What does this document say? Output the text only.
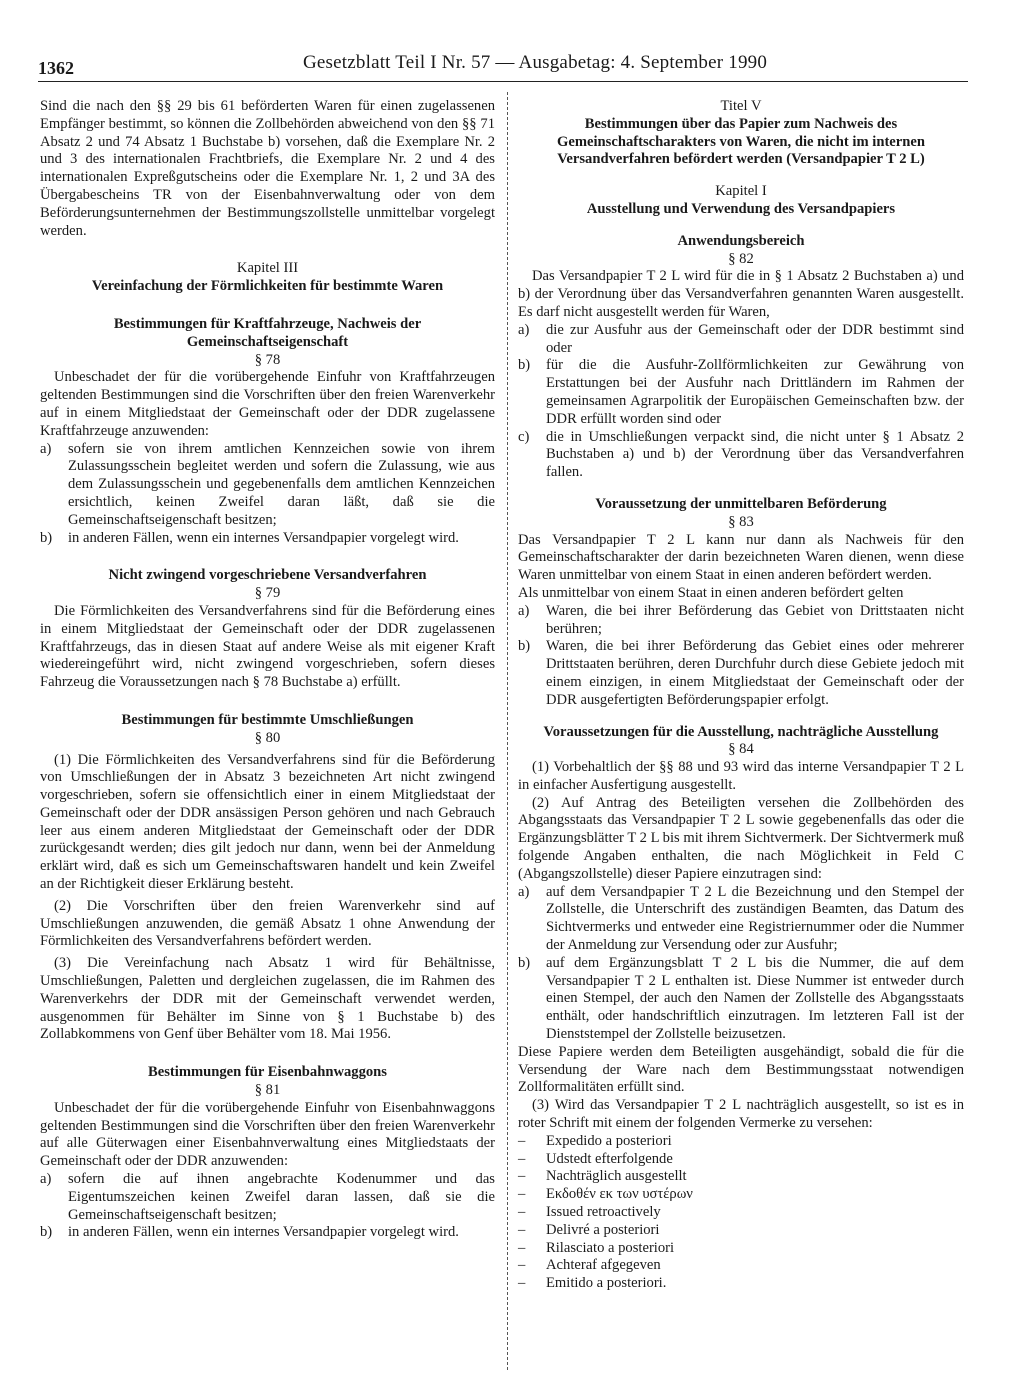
1362	Gesetzblatt Teil I Nr. 57 — Ausgabetag: 4. September 1990

Sind die nach den §§ 29 bis 61 beförderten Waren für einen zugelassenen Empfänger bestimmt, so können die Zollbehörden abweichend von den §§ 71 Absatz 2 und 74 Absatz 1 Buchstabe b) vorsehen, daß die Exemplare Nr. 2 und 3 des internationalen Frachtbriefs, die Exemplare Nr. 2 und 4 des internationalen Expreßgutscheins oder die Exemplare Nr. 1, 2 und 3A des Übergabescheins TR von der Eisenbahnverwaltung oder von dem Beförderungsunternehmen der Bestimmungszollstelle unmittelbar vorgelegt werden.

Kapitel III

Vereinfachung der Förmlichkeiten für bestimmte Waren

Bestimmungen für Kraftfahrzeuge, Nachweis der Gemeinschaftseigenschaft

§ 78

Unbeschadet der für die vorübergehende Einfuhr von Kraftfahrzeugen geltenden Bestimmungen sind die Vorschriften über den freien Warenverkehr auf in einem Mitgliedstaat der Gemeinschaft oder der DDR zugelassene Kraftfahrzeuge anzuwenden:

a) sofern sie von ihrem amtlichen Kennzeichen sowie von ihrem Zulassungsschein begleitet werden und sofern die Zulassung, wie aus dem Zulassungsschein und gegebenenfalls dem amtlichen Kennzeichen ersichtlich, keinen Zweifel daran läßt, daß sie die Gemeinschaftseigenschaft besitzen;
b) in anderen Fällen, wenn ein internes Versandpapier vorgelegt wird.

Nicht zwingend vorgeschriebene Versandverfahren

§ 79

Die Förmlichkeiten des Versandverfahrens sind für die Beförderung eines in einem Mitgliedstaat der Gemeinschaft oder der DDR zugelassenen Kraftfahrzeugs, das in diesen Staat auf andere Weise als mit eigener Kraft wiedereingeführt wird, nicht zwingend vorgeschrieben, sofern dieses Fahrzeug die Voraussetzungen nach § 78 Buchstabe a) erfüllt.

Bestimmungen für bestimmte Umschließungen

§ 80

(1) Die Förmlichkeiten des Versandverfahrens sind für die Beförderung von Umschließungen der in Absatz 3 bezeichneten Art nicht zwingend vorgeschrieben, sofern sie offensichtlich einer in einem Mitgliedstaat der Gemeinschaft oder der DDR ansässigen Person gehören und nach Gebrauch leer aus einem anderen Mitgliedstaat der Gemeinschaft oder der DDR zurückgesandt werden; dies gilt jedoch nur dann, wenn bei der Anmeldung erklärt wird, daß es sich um Gemeinschaftswaren handelt und kein Zweifel an der Richtigkeit dieser Erklärung besteht.

(2) Die Vorschriften über den freien Warenverkehr sind auf Umschließungen anzuwenden, die gemäß Absatz 1 ohne Anwendung der Förmlichkeiten des Versandverfahrens befördert werden.

(3) Die Vereinfachung nach Absatz 1 wird für Behältnisse, Umschließungen, Paletten und dergleichen zugelassen, die im Rahmen des Warenverkehrs der DDR mit der Gemeinschaft verwendet werden, ausgenommen für Behälter im Sinne von § 1 Buchstabe b) des Zollabkommens von Genf über Behälter vom 18. Mai 1956.

Bestimmungen für Eisenbahnwaggons

§ 81

Unbeschadet der für die vorübergehende Einfuhr von Eisenbahnwaggons geltenden Bestimmungen sind die Vorschriften über den freien Warenverkehr auf alle Güterwagen einer Eisenbahnverwaltung eines Mitgliedstaats der Gemeinschaft oder der DDR anzuwenden:

a) sofern die auf ihnen angebrachte Kodenummer und das Eigentumszeichen keinen Zweifel daran lassen, daß sie die Gemeinschaftseigenschaft besitzen;
b) in anderen Fällen, wenn ein internes Versandpapier vorgelegt wird.

Titel V

Bestimmungen über das Papier zum Nachweis des Gemeinschaftscharakters von Waren, die nicht im internen Versandverfahren befördert werden (Versandpapier T 2 L)

Kapitel I

Ausstellung und Verwendung des Versandpapiers

Anwendungsbereich

§ 82

Das Versandpapier T 2 L wird für die in § 1 Absatz 2 Buchstaben a) und b) der Verordnung über das Versandverfahren genannten Waren ausgestellt. Es darf nicht ausgestellt werden für Waren,

a) die zur Ausfuhr aus der Gemeinschaft oder der DDR bestimmt sind oder
b) für die die Ausfuhr-Zollförmlichkeiten zur Gewährung von Erstattungen bei der Ausfuhr nach Drittländern im Rahmen der gemeinsamen Agrarpolitik der Europäischen Gemeinschaften bzw. der DDR erfüllt worden sind oder
c) die in Umschließungen verpackt sind, die nicht unter § 1 Absatz 2 Buchstaben a) und b) der Verordnung über das Versandverfahren fallen.

Voraussetzung der unmittelbaren Beförderung

§ 83

Das Versandpapier T 2 L kann nur dann als Nachweis für den Gemeinschaftscharakter der darin bezeichneten Waren dienen, wenn diese Waren unmittelbar von einem Staat in einen anderen befördert werden.

Als unmittelbar von einem Staat in einen anderen befördert gelten

a) Waren, die bei ihrer Beförderung das Gebiet von Drittstaaten nicht berühren;
b) Waren, die bei ihrer Beförderung das Gebiet eines oder mehrerer Drittstaaten berühren, deren Durchfuhr durch diese Gebiete jedoch mit einem einzigen, in einem Mitgliedstaat der Gemeinschaft oder der DDR ausgefertigten Beförderungspapier erfolgt.

Voraussetzungen für die Ausstellung, nachträgliche Ausstellung

§ 84

(1) Vorbehaltlich der §§ 88 und 93 wird das interne Versandpapier T 2 L in einfacher Ausfertigung ausgestellt.

(2) Auf Antrag des Beteiligten versehen die Zollbehörden des Abgangsstaats das Versandpapier T 2 L sowie gegebenenfalls das oder die Ergänzungsblätter T 2 L bis mit ihrem Sichtvermerk. Der Sichtvermerk muß folgende Angaben enthalten, die nach Möglichkeit in Feld C (Abgangszollstelle) dieser Papiere einzutragen sind:

a) auf dem Versandpapier T 2 L die Bezeichnung und den Stempel der Zollstelle, die Unterschrift des zuständigen Beamten, das Datum des Sichtvermerks und entweder eine Registriernummer oder die Nummer der Anmeldung zur Versendung oder zur Ausfuhr;
b) auf dem Ergänzungsblatt T 2 L bis die Nummer, die auf dem Versandpapier T 2 L enthalten ist. Diese Nummer ist entweder durch einen Stempel, der auch den Namen der Zollstelle des Abgangsstaats enthält, oder handschriftlich einzutragen. Im letzteren Fall ist der Dienststempel der Zollstelle beizusetzen.

Diese Papiere werden dem Beteiligten ausgehändigt, sobald die für die Versendung der Ware nach dem Bestimmungsstaat notwendigen Zollformalitäten erfüllt sind.

(3) Wird das Versandpapier T 2 L nachträglich ausgestellt, so ist es in roter Schrift mit einem der folgenden Vermerke zu versehen:

– Expedido a posteriori
– Udstedt efterfolgende
– Nachträglich ausgestellt
– Εκδοθέν εκ των υστέρων
– Issued retroactively
– Delivré a posteriori
– Rilasciato a posteriori
– Achteraf afgegeven
– Emitido a posteriori.
